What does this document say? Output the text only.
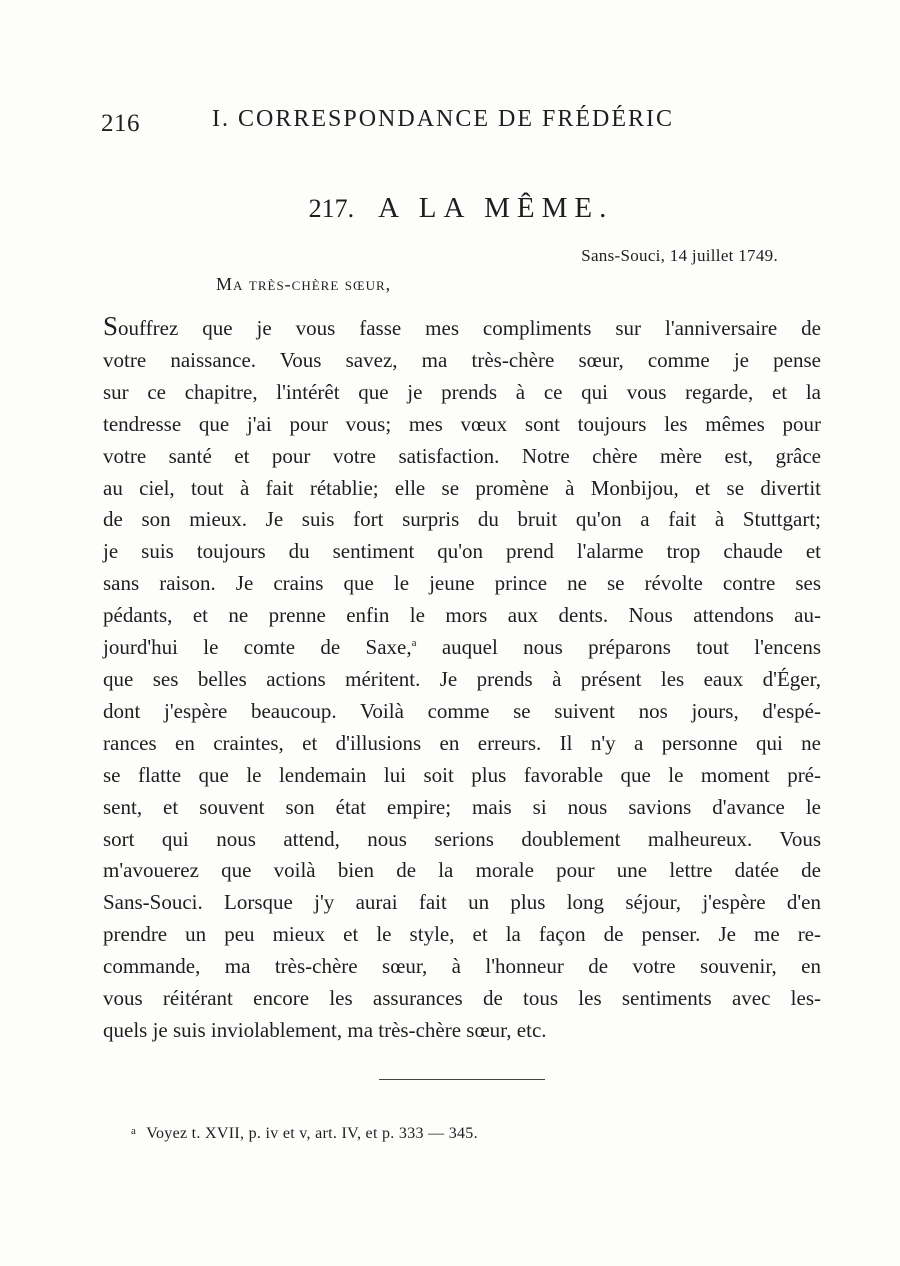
216	I. CORRESPONDANCE DE FRÉDÉRIC
217. A LA MÊME.
Sans-Souci, 14 juillet 1749.
Ma très-chère sœur,
Souffrez que je vous fasse mes compliments sur l'anniversaire de
votre naissance. Vous savez, ma très-chère sœur, comme je pense
sur ce chapitre, l'intérêt que je prends à ce qui vous regarde, et la
tendresse que j'ai pour vous; mes vœux sont toujours les mêmes pour
votre santé et pour votre satisfaction. Notre chère mère est, grâce
au ciel, tout à fait rétablie; elle se promène à Monbijou, et se divertit
de son mieux. Je suis fort surpris du bruit qu'on a fait à Stuttgart;
je suis toujours du sentiment qu'on prend l'alarme trop chaude et
sans raison. Je crains que le jeune prince ne se révolte contre ses
pédants, et ne prenne enfin le mors aux dents. Nous attendons au-
jourd'hui le comte de Saxe,$^a$ auquel nous préparons tout l'encens
que ses belles actions méritent. Je prends à présent les eaux d'Éger,
dont j'espère beaucoup. Voilà comme se suivent nos jours, d'espé-
rances en craintes, et d'illusions en erreurs. Il n'y a personne qui ne
se flatte que le lendemain lui soit plus favorable que le moment pré-
sent, et souvent son état empire; mais si nous savions d'avance le
sort qui nous attend, nous serions doublement malheureux. Vous
m'avouerez que voilà bien de la morale pour une lettre datée de
Sans-Souci. Lorsque j'y aurai fait un plus long séjour, j'espère d'en
prendre un peu mieux et le style, et la façon de penser. Je me re-
commande, ma très-chère sœur, à l'honneur de votre souvenir, en
vous réitérant encore les assurances de tous les sentiments avec les-
quels je suis inviolablement, ma très-chère sœur, etc.
$^a$ Voyez t. XVII, p. iv et v, art. IV, et p. 333 — 345.
